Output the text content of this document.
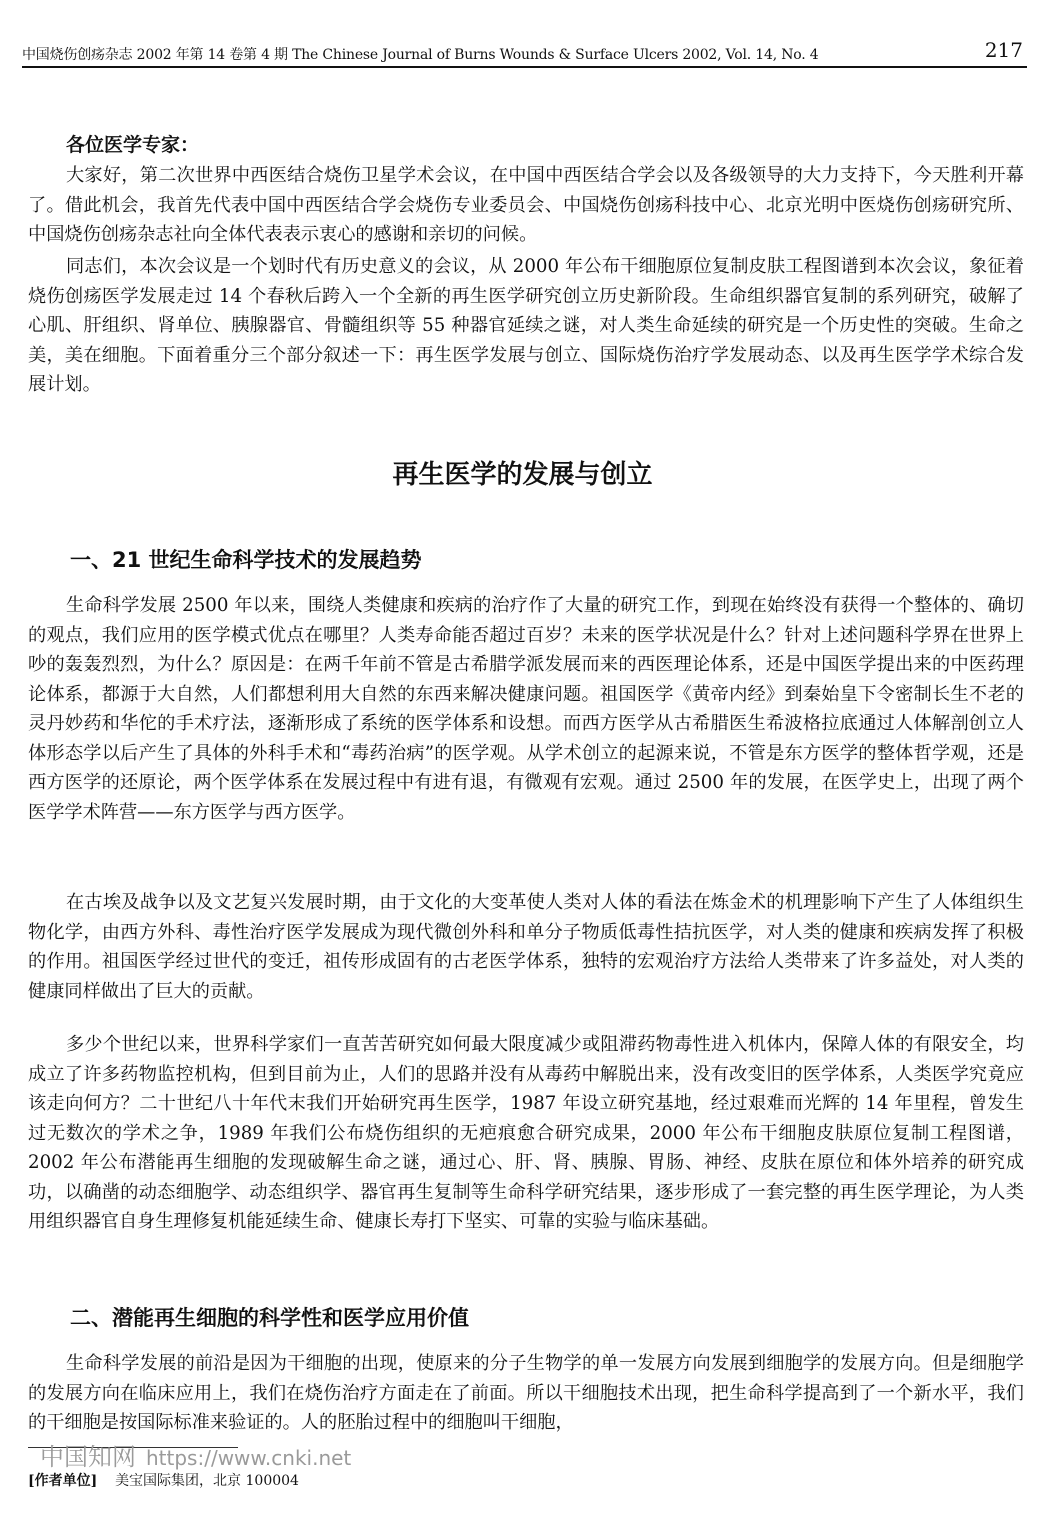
中国烧伤创疡杂志 2002 年第 14 卷第 4 期 The Chinese Journal of Burns Wounds & Surface Ulcers 2002, Vol. 14, No. 4	217
各位医学专家：

大家好，第二次世界中西医结合烧伤卫星学术会议，在中国中西医结合学会以及各级领导的大力支持下，今天胜利开幕了。借此机会，我首先代表中国中西医结合学会烧伤专业委员会、中国烧伤创疡科技中心、北京光明中医烧伤创疡研究所、中国烧伤创疡杂志社向全体代表表示衷心的感谢和亲切的问候。

同志们，本次会议是一个划时代有历史意义的会议，从 2000 年公布干细胞原位复制皮肤工程图谱到本次会议，象征着烧伤创疡医学发展走过 14 个春秋后跨入一个全新的再生医学研究创立历史新阶段。生命组织器官复制的系列研究，破解了心肌、肝组织、肾单位、胰腺器官、骨髓组织等 55 种器官延续之谜，对人类生命延续的研究是一个历史性的突破。生命之美，美在细胞。下面着重分三个部分叙述一下：再生医学发展与创立、国际烧伤治疗学发展动态、以及再生医学学术综合发展计划。

再生医学的发展与创立
一、21 世纪生命科学技术的发展趋势

生命科学发展 2500 年以来，围绕人类健康和疾病的治疗作了大量的研究工作，到现在始终没有获得一个整体的、确切的观点，我们应用的医学模式优点在哪里？人类寿命能否超过百岁？未来的医学状况是什么？针对上述问题科学界在世界上吵的轰轰烈烈，为什么？原因是：在两千年前不管是古希腊学派发展而来的西医理论体系，还是中国医学提出来的中医药理论体系，都源于大自然，人们都想利用大自然的东西来解决健康问题。祖国医学《黄帝内经》到秦始皇下令密制长生不老的灵丹妙药和华佗的手术疗法，逐渐形成了系统的医学体系和设想。而西方医学从古希腊医生希波格拉底通过人体解剖创立人体形态学以后产生了具体的外科手术和“毒药治病”的医学观。从学术创立的起源来说，不管是东方医学的整体哲学观，还是西方医学的还原论，两个医学体系在发展过程中有进有退，有微观有宏观。通过 2500 年的发展，在医学史上，出现了两个医学学术阵营——东方医学与西方医学。

在古埃及战争以及文艺复兴发展时期，由于文化的大变革使人类对人体的看法在炼金术的机理影响下产生了人体组织生物化学，由西方外科、毒性治疗医学发展成为现代微创外科和单分子物质低毒性拮抗医学，对人类的健康和疾病发挥了积极的作用。祖国医学经过世代的变迁，祖传形成固有的古老医学体系，独特的宏观治疗方法给人类带来了许多益处，对人类的健康同样做出了巨大的贡献。

多少个世纪以来，世界科学家们一直苦苦研究如何最大限度减少或阻滞药物毒性进入机体内，保障人体的有限安全，均成立了许多药物监控机构，但到目前为止，人们的思路并没有从毒药中解脱出来，没有改变旧的医学体系，人类医学究竟应该走向何方？二十世纪八十年代末我们开始研究再生医学，1987 年设立研究基地，经过艰难而光辉的 14 年里程，曾发生过无数次的学术之争，1989 年我们公布烧伤组织的无疤痕愈合研究成果，2000 年公布干细胞皮肤原位复制工程图谱，2002 年公布潜能再生细胞的发现破解生命之谜，通过心、肝、肾、胰腺、胃肠、神经、皮肤在原位和体外培养的研究成功，以确凿的动态细胞学、动态组织学、器官再生复制等生命科学研究结果，逐步形成了一套完整的再生医学理论，为人类用组织器官自身生理修复机能延续生命、健康长寿打下坚实、可靠的实验与临床基础。

二、潜能再生细胞的科学性和医学应用价值

生命科学发展的前沿是因为干细胞的出现，使原来的分子生物学的单一发展方向发展到细胞学的发展方向。但是细胞学的发展方向在临床应用上，我们在烧伤治疗方面走在了前面。所以干细胞技术出现，把生命科学提高到了一个新水平，我们的干细胞是按国际标准来验证的。人的胚胎过程中的细胞叫干细胞，

中国知网 https://www.cnki.net
[作者单位] 美宝国际集团，北京 100004
